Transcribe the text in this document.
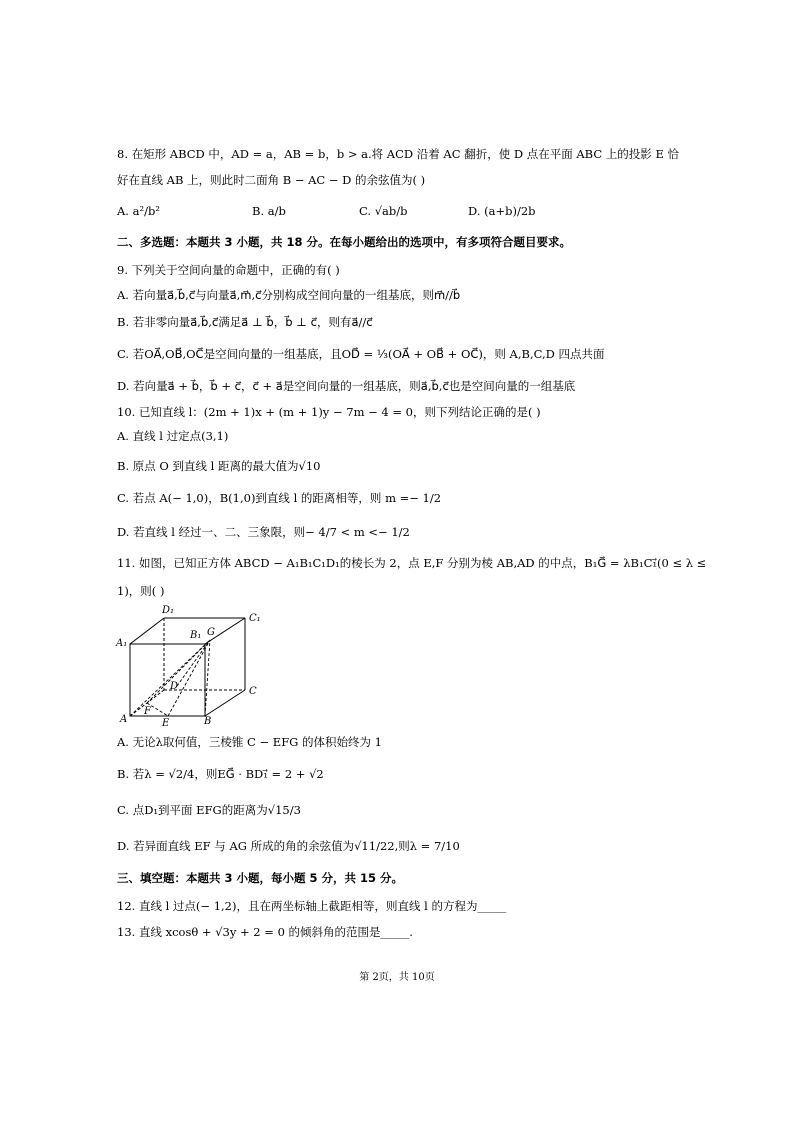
8. 在矩形 ABCD 中，AD = a，AB = b，b > a.将 ACD 沿着 AC 翻折，使 D 点在平面 ABC 上的投影 E 恰
好在直线 AB 上，则此时二面角 B − AC − D 的余弦值为( )
A. a²/b²	B. a/b	C. √ab/b	D. (a+b)/2b
二、多选题：本题共 3 小题，共 18 分。在每小题给出的选项中，有多项符合题目要求。
9. 下列关于空间向量的命题中，正确的有( )
A. 若向量a⃗,b⃗,c⃗与向量a⃗,m⃗,c⃗分别构成空间向量的一组基底，则m⃗//b⃗
B. 若非零向量a⃗,b⃗,c⃗满足a⃗ ⊥ b⃗，b⃗ ⊥ c⃗，则有a⃗//c⃗
C. 若OA⃗,OB⃗,OC⃗是空间向量的一组基底，且OD⃗ = ⅓(OA⃗ + OB⃗ + OC⃗)，则 A,B,C,D 四点共面
D. 若向量a⃗ + b⃗，b⃗ + c⃗，c⃗ + a⃗是空间向量的一组基底，则a⃗,b⃗,c⃗也是空间向量的一组基底
10. 已知直线 l：(2m + 1)x + (m + 1)y − 7m − 4 = 0，则下列结论正确的是( )
A. 直线 l 过定点(3,1)
B. 原点 O 到直线 l 距离的最大值为√10
C. 若点 A(− 1,0)，B(1,0)到直线 l 的距离相等，则 m =− 1/2
D. 若直线 l 经过一、二、三象限，则− 4/7 < m <− 1/2
11. 如图，已知正方体 ABCD − A₁B₁C₁D₁的棱长为 2，点 E,F 分别为棱 AB,AD 的中点，B₁G⃗ = λB₁C₁⃗(0 ≤ λ ≤
1)，则( )
D₁
C₁
A₁
B₁ G
D	C
A
F
E	B
A. 无论λ取何值，三棱锥 C − EFG 的体积始终为 1
B. 若λ = √2/4，则EG⃗ · BD₁⃗ = 2 + √2
C. 点D₁到平面 EFG的距离为√15/3
D. 若异面直线 EF 与 AG 所成的角的余弦值为√11/22,则λ = 7/10
三、填空题：本题共 3 小题，每小题 5 分，共 15 分。
12. 直线 l 过点(− 1,2)，且在两坐标轴上截距相等，则直线 l 的方程为_____
13. 直线 xcosθ + √3y + 2 = 0 的倾斜角的范围是_____.
第 2页，共 10页
